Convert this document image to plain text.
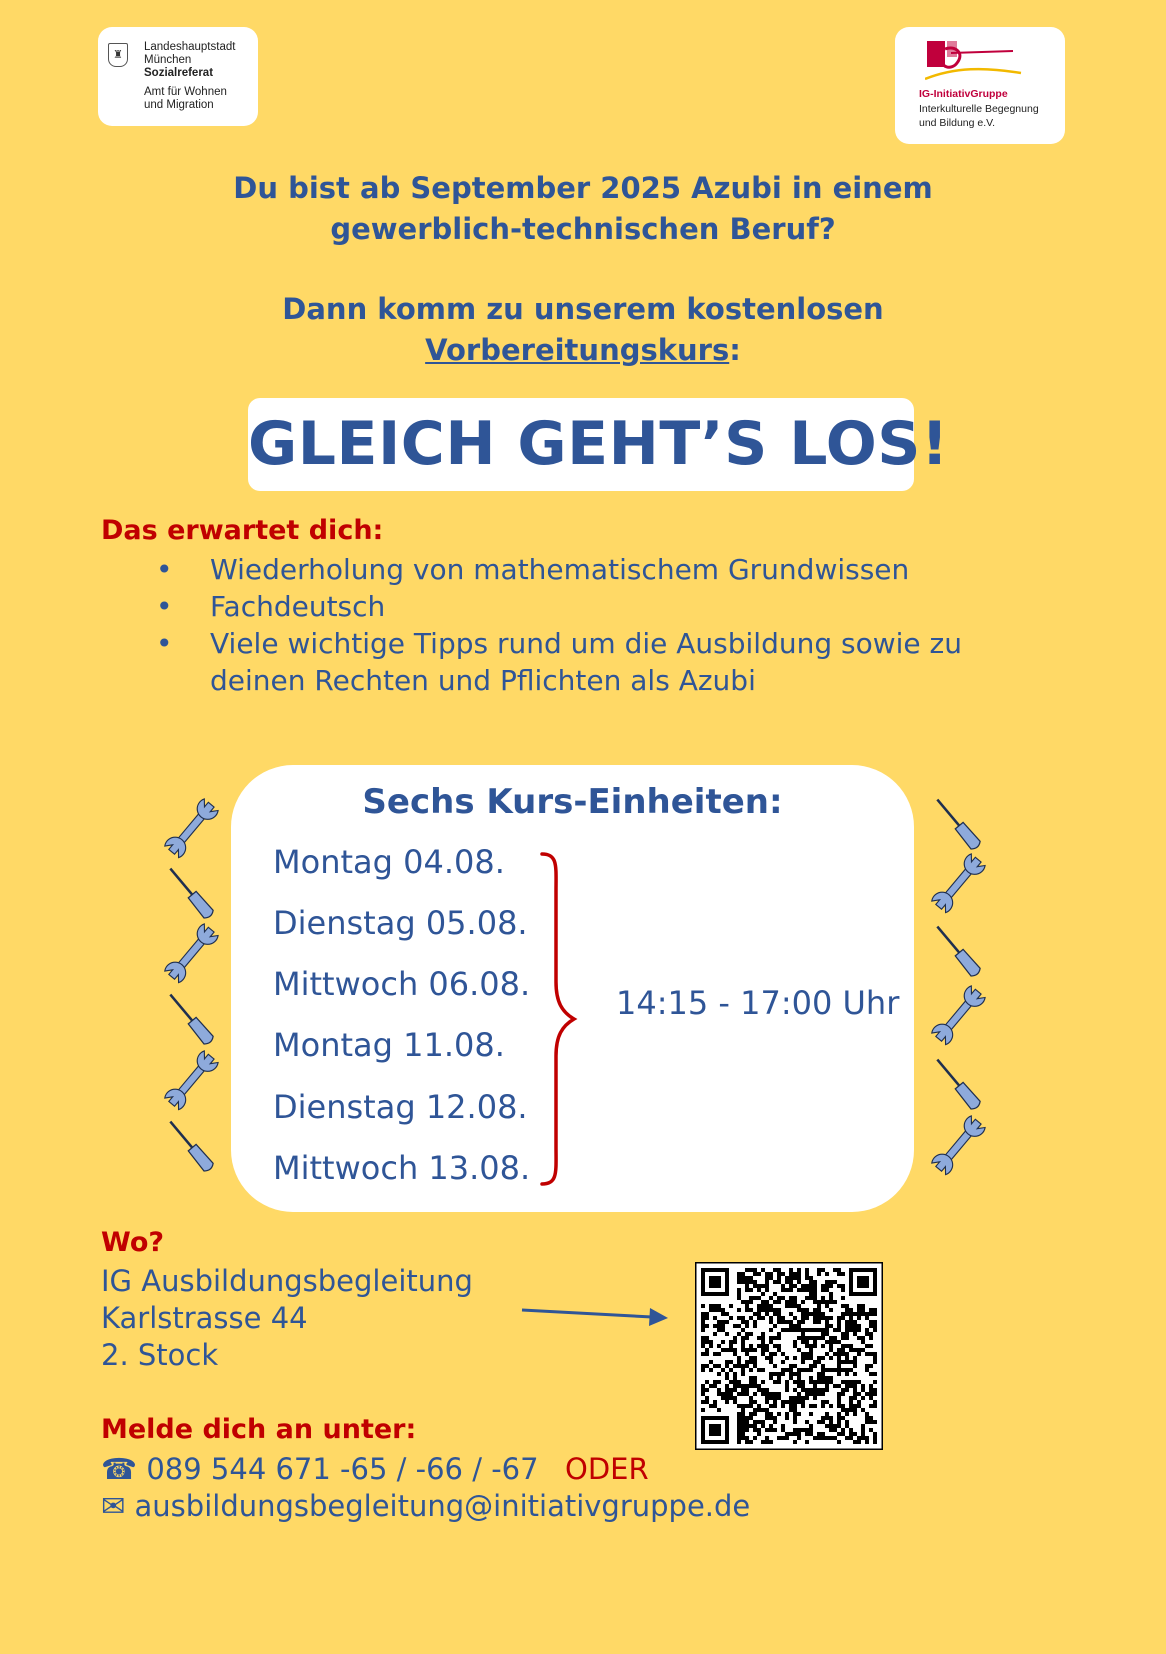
♜
Landeshauptstadt
München
Sozialreferat
Amt für Wohnen
und Migration
IG-InitiativGruppe
Interkulturelle Begegnung
und Bildung e.V.
Du bist ab September 2025 Azubi in einem
gewerblich-technischen Beruf?
Dann komm zu unserem kostenlosen
Vorbereitungskurs:
GLEICH GEHT’S LOS!
Das erwartet dich:
• Wiederholung von mathematischem Grundwissen
• Fachdeutsch
• Viele wichtige Tipps rund um die Ausbildung sowie zu
deinen Rechten und Pflichten als Azubi
Sechs Kurs-Einheiten:
Montag 04.08.
Dienstag 05.08.
Mittwoch 06.08.
Montag 11.08.
Dienstag 12.08.
Mittwoch 13.08.
14:15 - 17:00 Uhr
Wo?
IG Ausbildungsbegleitung
Karlstrasse 44
2. Stock
Melde dich an unter:
☎ 089 544 671 -65 / -66 / -67 ODER
✉ ausbildungsbegleitung@initiativgruppe.de
